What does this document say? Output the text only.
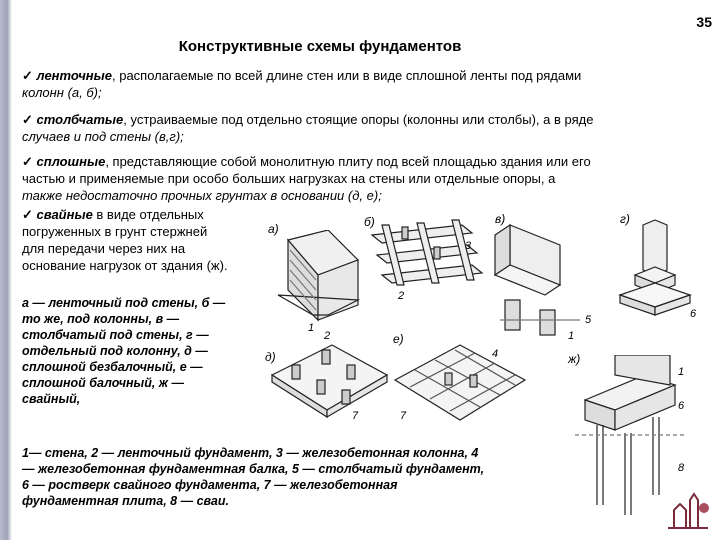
35
Конструктивные схемы фундаментов
✓ ленточные, располагаемые по всей длине стен или в виде сплошной ленты под рядами
колонн (а, б);
✓ столбчатые, устраиваемые под отдельно стоящие опоры (колонны или столбы), а в ряде
случаев и под стены (в,г);
✓ сплошные, представляющие собой монолитную плиту под всей площадью здания или его
частью и применяемые при особо больших нагрузках на стены или отдельные опоры, а
также недостаточно прочных грунтах в основании (д, е);
✓ свайные в виде отдельных
погруженных в грунт стержней
для передачи через них на
основание нагрузок от здания (ж).
а — ленточный под стены, б —
то же, под колонны, в —
столбчатый под стены, г —
отдельный под колонну, д —
сплошной безбалочный, е —
сплошной балочный, ж —
свайный,
1— стена, 2 — ленточный фундамент, 3 — железобетонная колонна, 4
— железобетонная фундаментная балка, 5 — столбчатый фундамент,
6 — ростверк свайного фундамента, 7 — железобетонная
фундаментная плита, 8 — сваи.
а)	б)	в)	г)
д)
е)
ж)
1
2
2
3
4
5
1
6
7	7
1
6
8
